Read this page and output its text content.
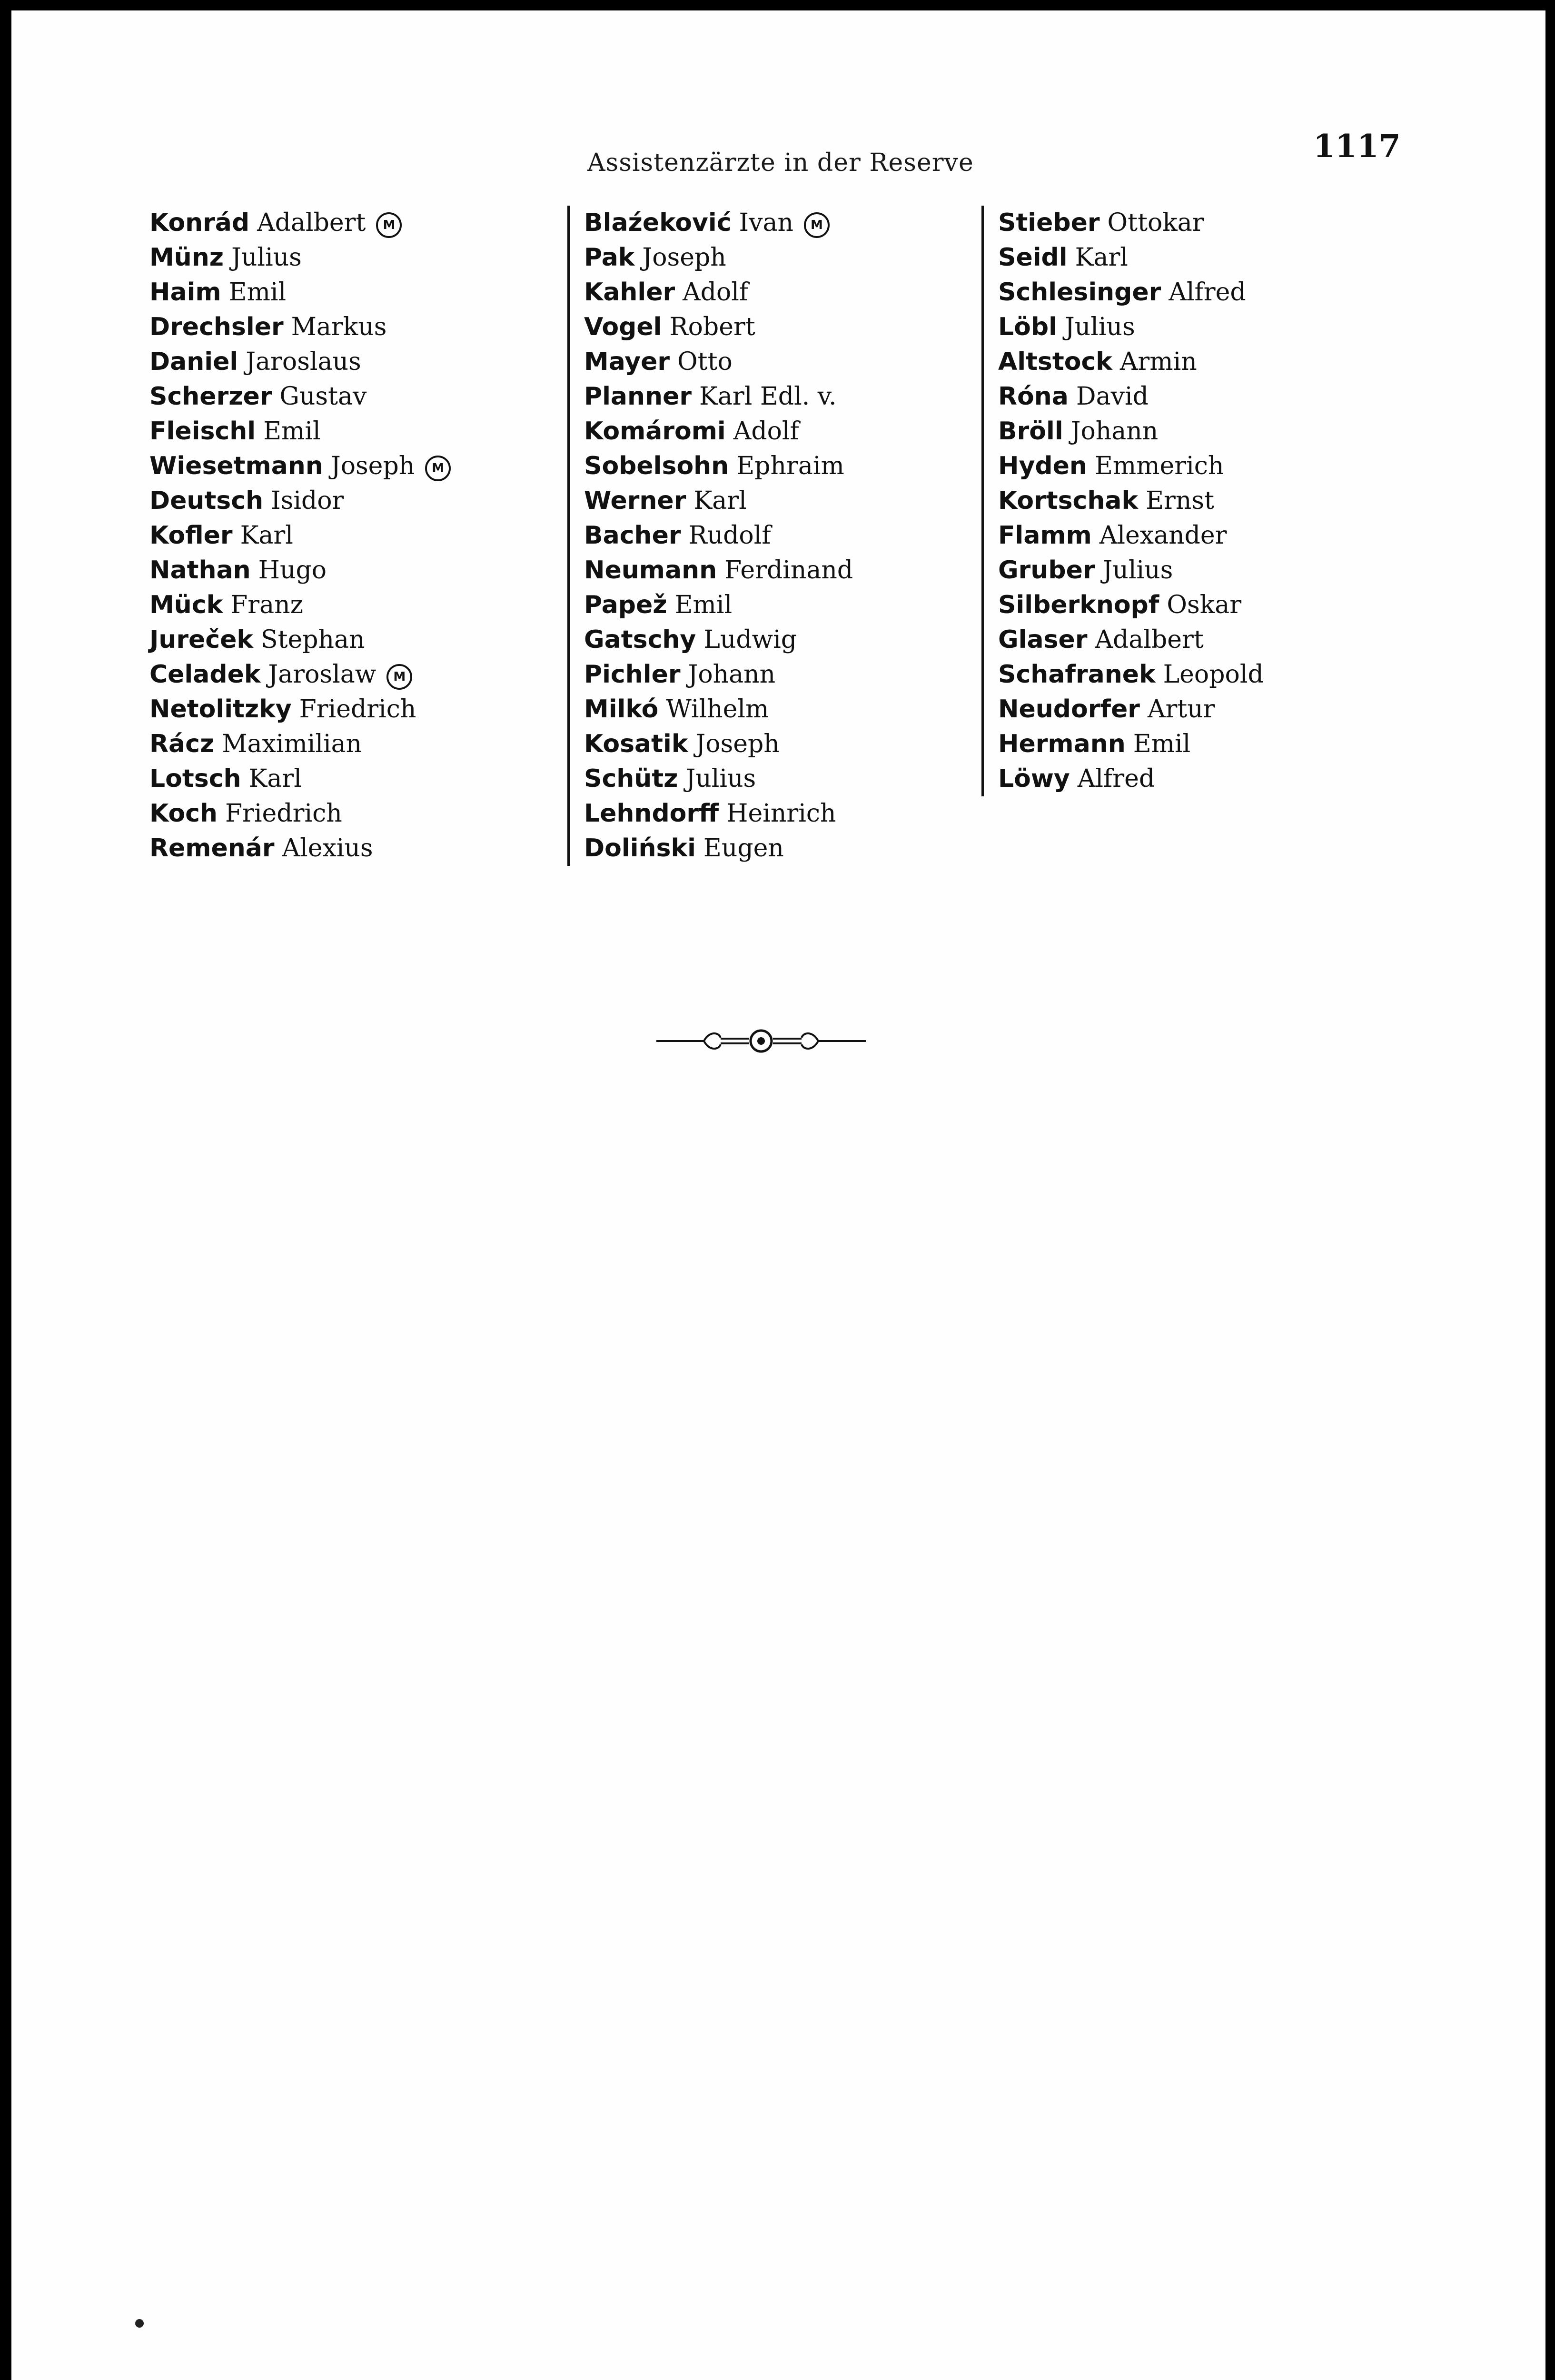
Assistenzärzte in der Reserve	1117
Konrád Adalbert M
Münz Julius
Haim Emil
Drechsler Markus
Daniel Jaroslaus
Scherzer Gustav
Fleischl Emil
Wiesetmann Joseph M
Deutsch Isidor
Kofler Karl
Nathan Hugo
Mück Franz
Jureček Stephan
Celadek Jaroslaw M
Netolitzky Friedrich
Rácz Maximilian
Lotsch Karl
Koch Friedrich
Remenár Alexius
Blaźeković Ivan M
Pak Joseph
Kahler Adolf
Vogel Robert
Mayer Otto
Planner Karl Edl. v.
Komáromi Adolf
Sobelsohn Ephraim
Werner Karl
Bacher Rudolf
Neumann Ferdinand
Papež Emil
Gatschy Ludwig
Pichler Johann
Milkó Wilhelm
Kosatik Joseph
Schütz Julius
Lehndorff Heinrich
Doliński Eugen
Stieber Ottokar
Seidl Karl
Schlesinger Alfred
Löbl Julius
Altstock Armin
Róna David
Bröll Johann
Hyden Emmerich
Kortschak Ernst
Flamm Alexander
Gruber Julius
Silberknopf Oskar
Glaser Adalbert
Schafranek Leopold
Neudorfer Artur
Hermann Emil
Löwy Alfred
